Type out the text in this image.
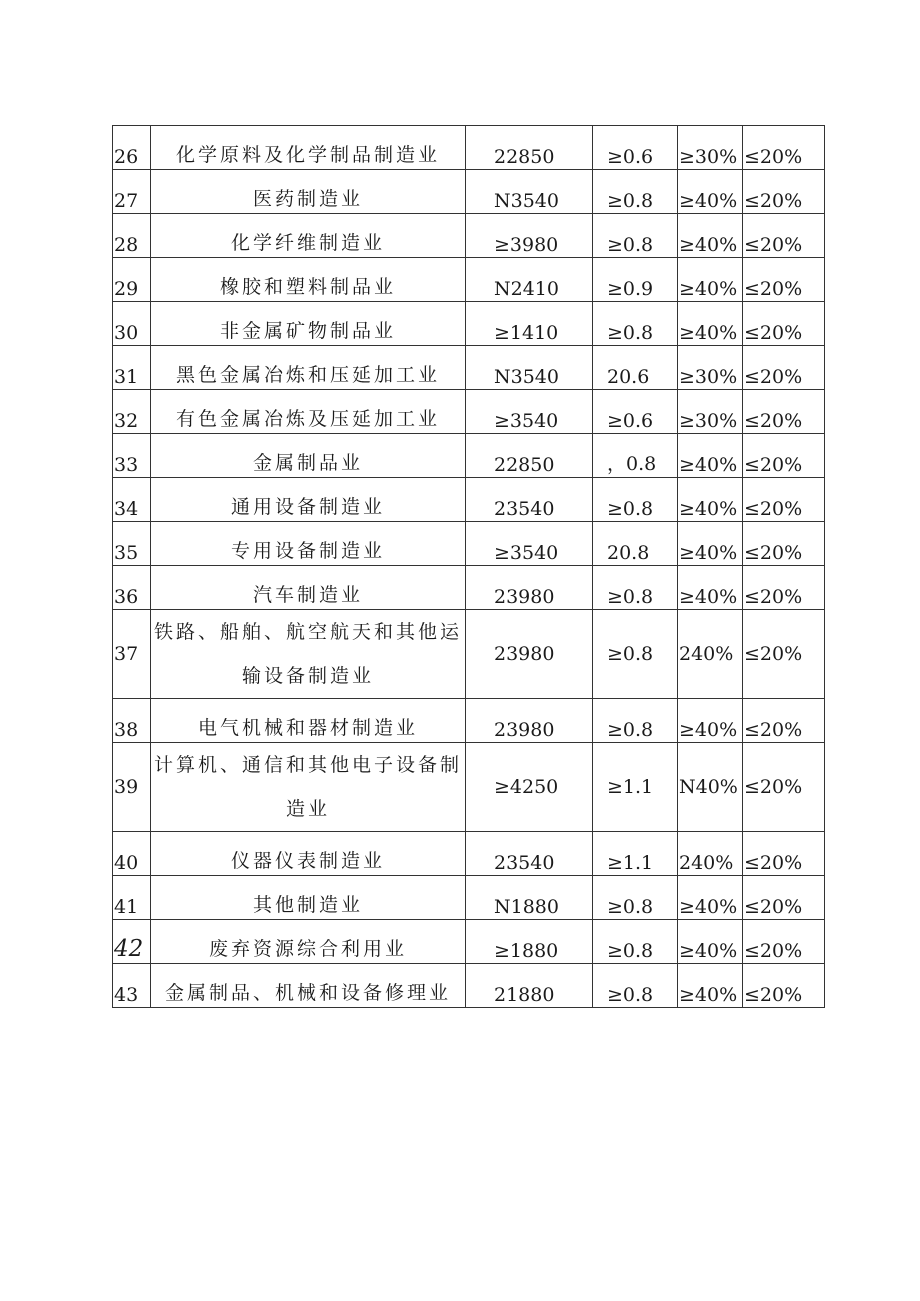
26	化学原料及化学制品制造业	22850	≥0.6	≥30%	≤20%
27	医药制造业	N3540	≥0.8	≥40%	≤20%
28	化学纤维制造业	≥3980	≥0.8	≥40%	≤20%
29	橡胶和塑料制品业	N2410	≥0.9	≥40%	≤20%
30	非金属矿物制品业	≥1410	≥0.8	≥40%	≤20%
31	黑色金属冶炼和压延加工业	N3540	20.6	≥30%	≤20%
32	有色金属冶炼及压延加工业	≥3540	≥0.6	≥30%	≤20%
33	金属制品业	22850	，0.8	≥40%	≤20%
34	通用设备制造业	23540	≥0.8	≥40%	≤20%
35	专用设备制造业	≥3540	20.8	≥40%	≤20%
36	汽车制造业	23980	≥0.8	≥40%	≤20%
37	铁路、船舶、航空航天和其他运输设备制造业	23980	≥0.8	240%	≤20%
38	电气机械和器材制造业	23980	≥0.8	≥40%	≤20%
39	计算机、通信和其他电子设备制造业	≥4250	≥1.1	N40%	≤20%
40	仪器仪表制造业	23540	≥1.1	240%	≤20%
41	其他制造业	N1880	≥0.8	≥40%	≤20%
42	废弃资源综合利用业	≥1880	≥0.8	≥40%	≤20%
43	金属制品、机械和设备修理业	21880	≥0.8	≥40%	≤20%
